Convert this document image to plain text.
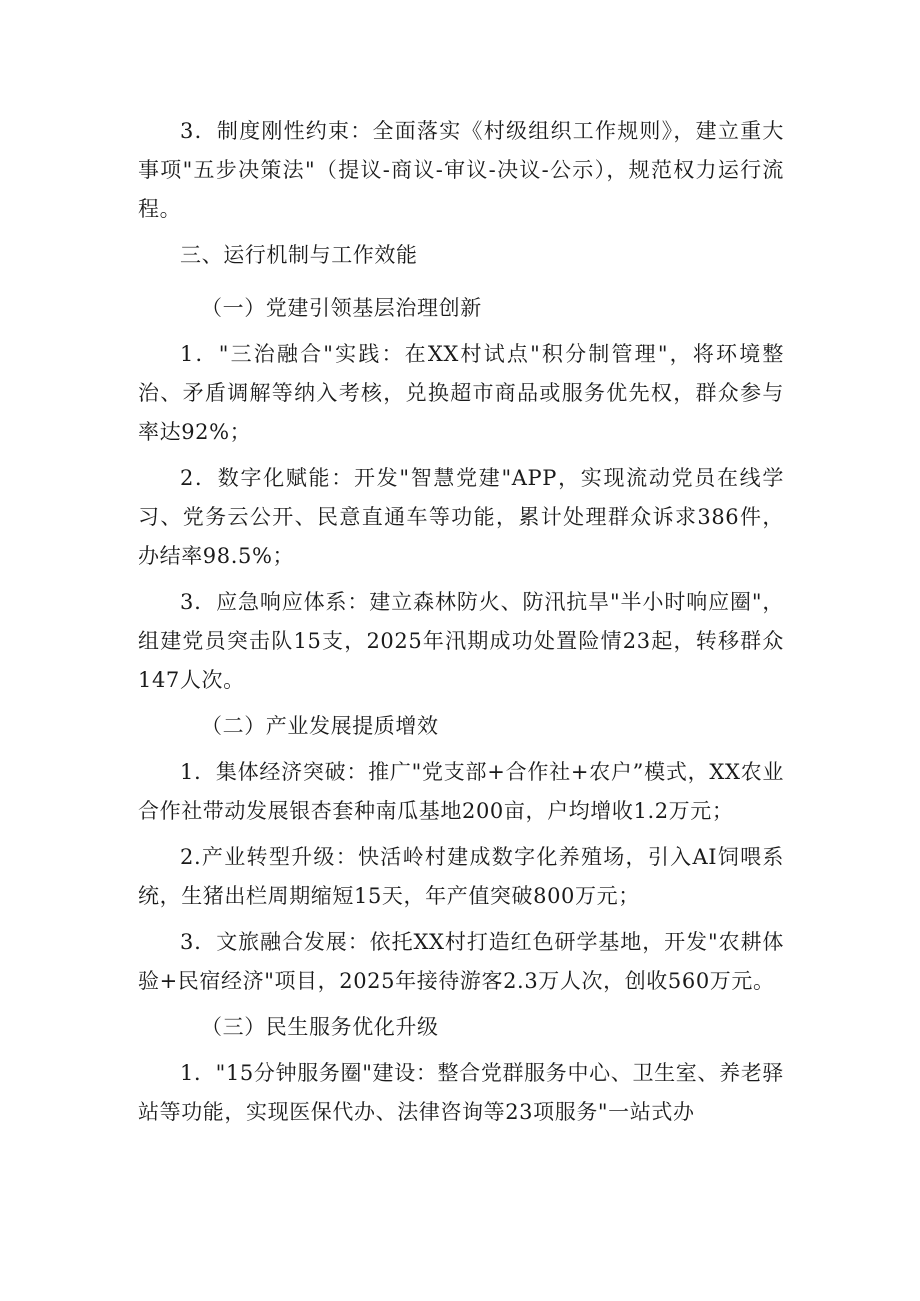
3．制度刚性约束：全面落实《村级组织工作规则》，建立重大事项"五步决策法"（提议-商议-审议-决议-公示），规范权力运行流程。

三、运行机制与工作效能

（一）党建引领基层治理创新

1．"三治融合"实践：在XX村试点"积分制管理"，将环境整治、矛盾调解等纳入考核，兑换超市商品或服务优先权，群众参与率达92%；

2．数字化赋能：开发"智慧党建"APP，实现流动党员在线学习、党务云公开、民意直通车等功能，累计处理群众诉求386件，办结率98.5%；

3．应急响应体系：建立森林防火、防汛抗旱"半小时响应圈"，组建党员突击队15支，2025年汛期成功处置险情23起，转移群众147人次。

（二）产业发展提质增效

1．集体经济突破：推广"党支部+合作社+农户”模式，XX农业合作社带动发展银杏套种南瓜基地200亩，户均增收1.2万元；

2.产业转型升级：快活岭村建成数字化养殖场，引入AI饲喂系统，生猪出栏周期缩短15天，年产值突破800万元；

3．文旅融合发展：依托XX村打造红色研学基地，开发"农耕体验+民宿经济"项目，2025年接待游客2.3万人次，创收560万元。

（三）民生服务优化升级

1．"15分钟服务圈"建设：整合党群服务中心、卫生室、养老驿站等功能，实现医保代办、法律咨询等23项服务"一站式办
